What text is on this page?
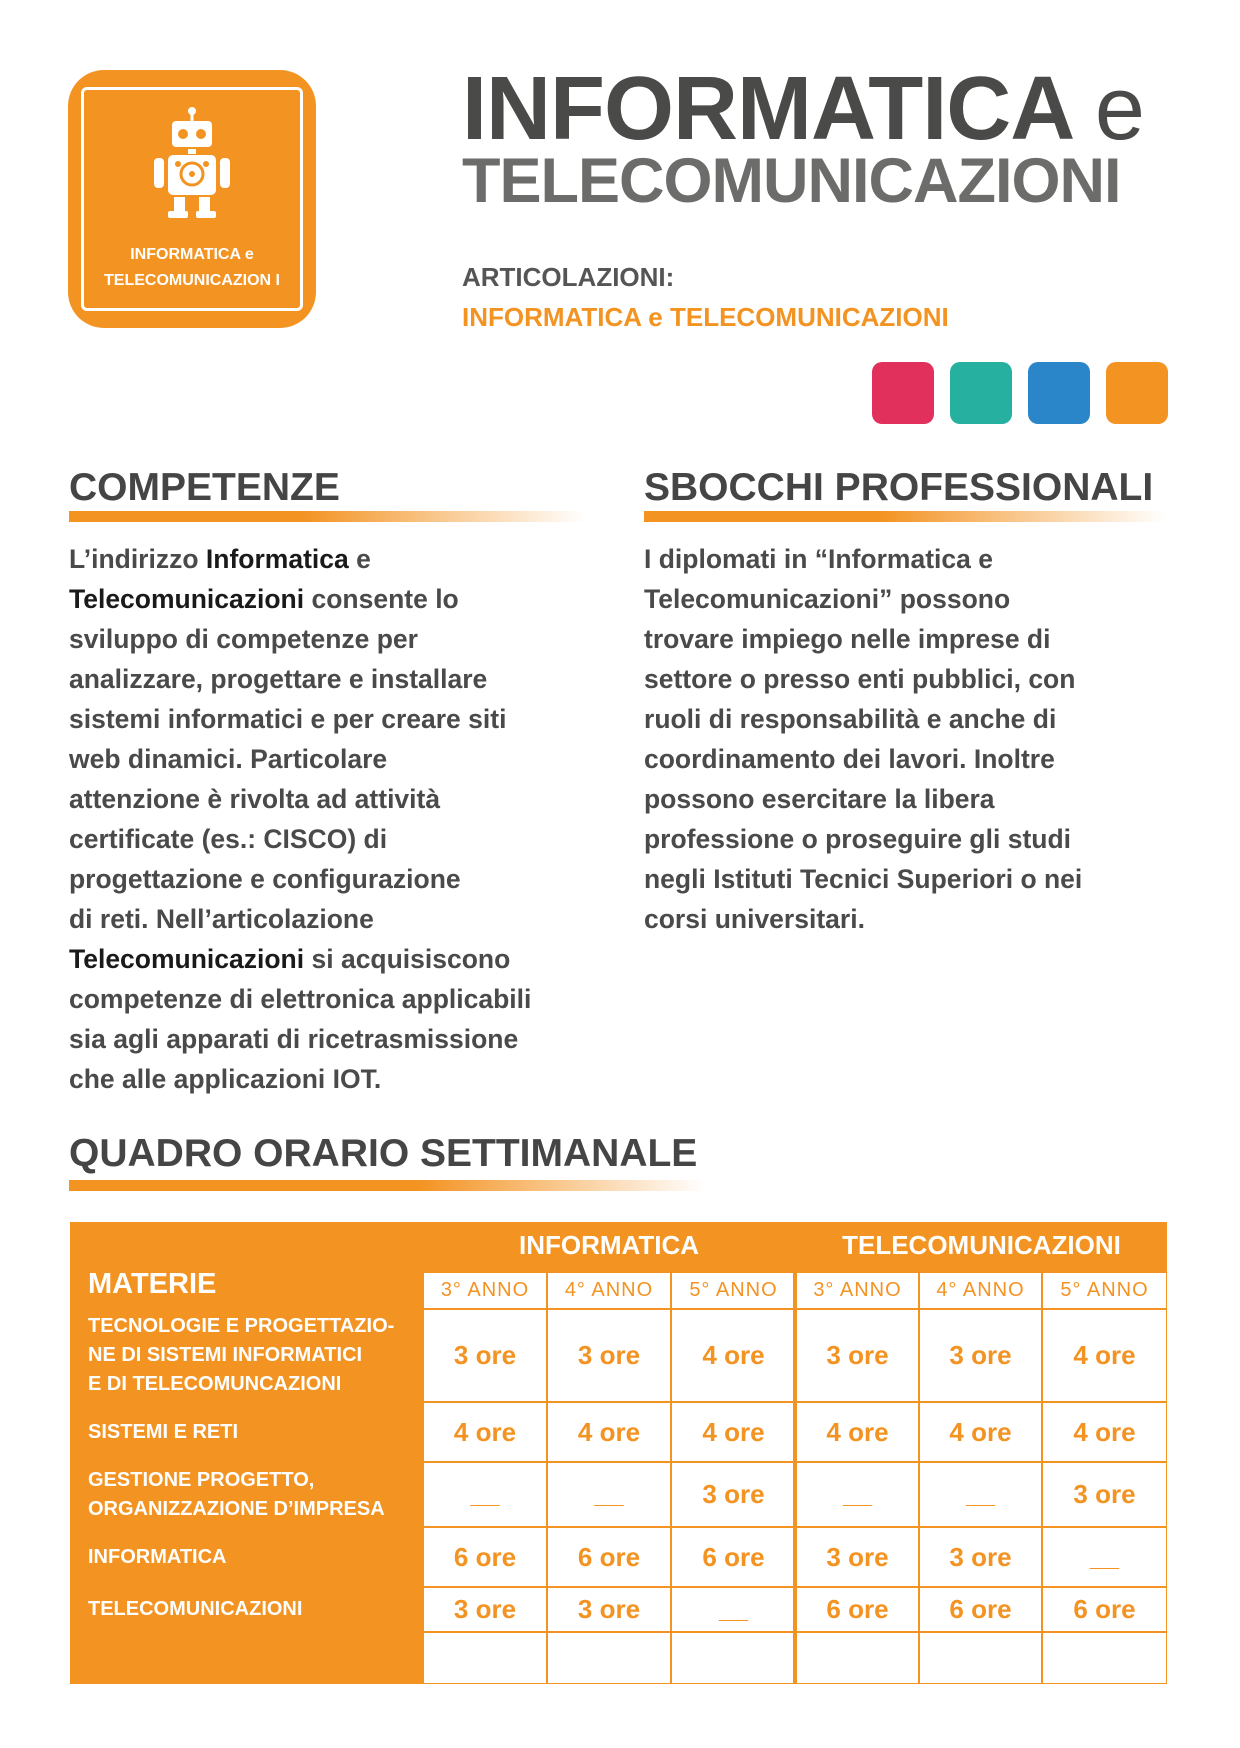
INFORMATICA e
TELECOMUNICAZION I
INFORMATICA e
TELECOMUNICAZIONI
ARTICOLAZIONI:
INFORMATICA e TELECOMUNICAZIONI
COMPETENZE
L’indirizzo Informatica e
Telecomunicazioni consente lo
sviluppo di competenze per
analizzare, progettare e installare
sistemi informatici e per creare siti
web dinamici. Particolare
attenzione è rivolta ad attività
certificate (es.: CISCO) di
progettazione e configurazione
di reti. Nell’articolazione
Telecomunicazioni si acquisiscono
competenze di elettronica applicabili
sia agli apparati di ricetrasmissione
che alle applicazioni IOT.
SBOCCHI PROFESSIONALI
I diplomati in “Informatica e
Telecomunicazioni” possono
trovare impiego nelle imprese di
settore o presso enti pubblici, con
ruoli di responsabilità e anche di
coordinamento dei lavori. Inoltre
possono esercitare la libera
professione o proseguire gli studi
negli Istituti Tecnici Superiori o nei
corsi universitari.
QUADRO ORARIO SETTIMANALE
INFORMATICA	TELECOMUNICAZIONI
MATERIE	3° ANNO	4° ANNO	5° ANNO	3° ANNO	4° ANNO	5° ANNO
TECNOLOGIE E PROGETTAZIO-
NE DI SISTEMI INFORMATICI
E DI TELECOMUNCAZIONI
3 ore	3 ore	4 ore	3 ore	3 ore	4 ore
SISTEMI E RETI	4 ore	4 ore	4 ore	4 ore	4 ore	4 ore
GESTIONE PROGETTO,
ORGANIZZAZIONE D’IMPRESA	__	__	3 ore	__	__	3 ore
INFORMATICA	6 ore	6 ore	6 ore	3 ore	3 ore	__
TELECOMUNICAZIONI	3 ore	3 ore	__	6 ore	6 ore	6 ore
